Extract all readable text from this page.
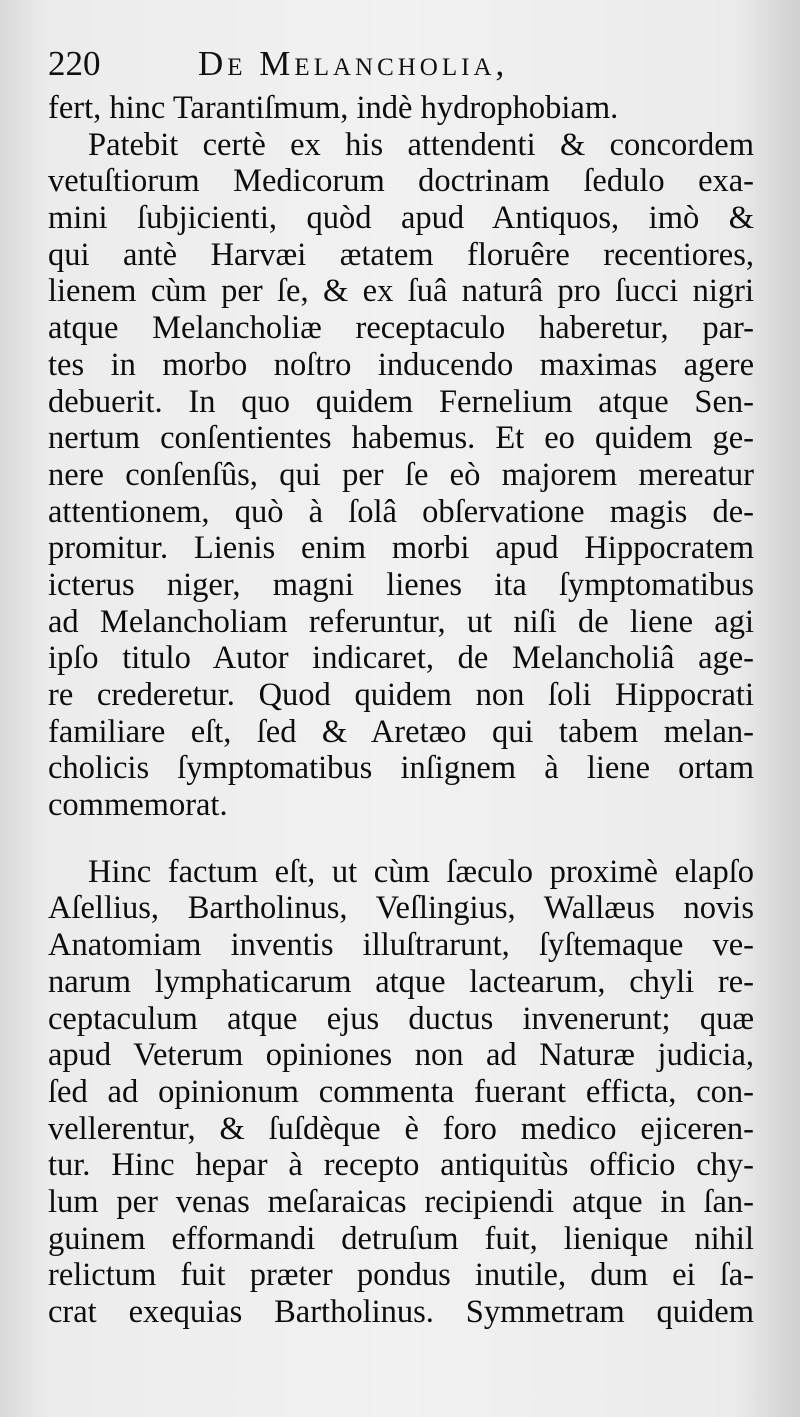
220	De Melancholia,
fert, hinc Tarantiſmum, indè hydrophobiam.
Patebit certè ex his attendenti & concordem
vetuſtiorum Medicorum doctrinam ſedulo exa-
mini ſubjicienti, quòd apud Antiquos, imò &
qui antè Harvæi ætatem floruêre recentiores,
lienem cùm per ſe, & ex ſuâ naturâ pro ſucci nigri
atque Melancholiæ receptaculo haberetur, par-
tes in morbo noſtro inducendo maximas agere
debuerit. In quo quidem Fernelium atque Sen-
nertum conſentientes habemus. Et eo quidem ge-
nere conſenſûs, qui per ſe eò majorem mereatur
attentionem, quò à ſolâ obſervatione magis de-
promitur. Lienis enim morbi apud Hippocratem
icterus niger, magni lienes ita ſymptomatibus
ad Melancholiam referuntur, ut niſi de liene agi
ipſo titulo Autor indicaret, de Melancholiâ age-
re crederetur. Quod quidem non ſoli Hippocrati
familiare eſt, ſed & Aretæo qui tabem melan-
cholicis ſymptomatibus inſignem à liene ortam
commemorat.
Hinc factum eſt, ut cùm ſæculo proximè elapſo
Aſellius, Bartholinus, Veſlingius, Wallæus novis
Anatomiam inventis illuſtrarunt, ſyſtemaque ve-
narum lymphaticarum atque lactearum, chyli re-
ceptaculum atque ejus ductus invenerunt; quæ
apud Veterum opiniones non ad Naturæ judicia,
ſed ad opinionum commenta fuerant efficta, con-
vellerentur, & ſuſdèque è foro medico ejiceren-
tur. Hinc hepar à recepto antiquitùs officio chy-
lum per venas meſaraicas recipiendi atque in ſan-
guinem efformandi detruſum fuit, lienique nihil
relictum fuit præter pondus inutile, dum ei ſa-
crat exequias Bartholinus. Symmetram quidem
